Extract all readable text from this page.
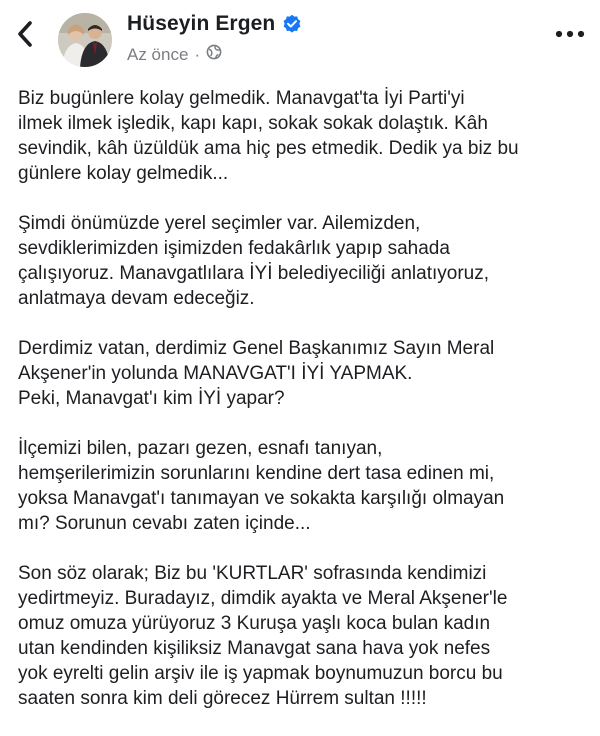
Hüseyin Ergen
Az önce ·

Biz bugünlere kolay gelmedik. Manavgat'ta İyi Parti'yi
ilmek ilmek işledik, kapı kapı, sokak sokak dolaştık. Kâh
sevindik, kâh üzüldük ama hiç pes etmedik. Dedik ya biz bu
günlere kolay gelmedik...

Şimdi önümüzde yerel seçimler var. Ailemizden,
sevdiklerimizden işimizden fedakârlık yapıp sahada
çalışıyoruz. Manavgatlılara İYİ belediyeciliği anlatıyoruz,
anlatmaya devam edeceğiz.

Derdimiz vatan, derdimiz Genel Başkanımız Sayın Meral
Akşener'in yolunda MANAVGAT'I İYİ YAPMAK.
Peki, Manavgat'ı kim İYİ yapar?

İlçemizi bilen, pazarı gezen, esnafı tanıyan,
hemşerilerimizin sorunlarını kendine dert tasa edinen mi,
yoksa Manavgat'ı tanımayan ve sokakta karşılığı olmayan
mı? Sorunun cevabı zaten içinde...

Son söz olarak; Biz bu 'KURTLAR' sofrasında kendimizi
yedirtmeyiz. Buradayız, dimdik ayakta ve Meral Akşener'le
omuz omuza yürüyoruz 3 Kuruşa yaşlı koca bulan kadın
utan kendinden kişiliksiz Manavgat sana hava yok nefes
yok eyrelti gelin arşiv ile iş yapmak boynumuzun borcu bu
saaten sonra kim deli görecez Hürrem sultan !!!!!
